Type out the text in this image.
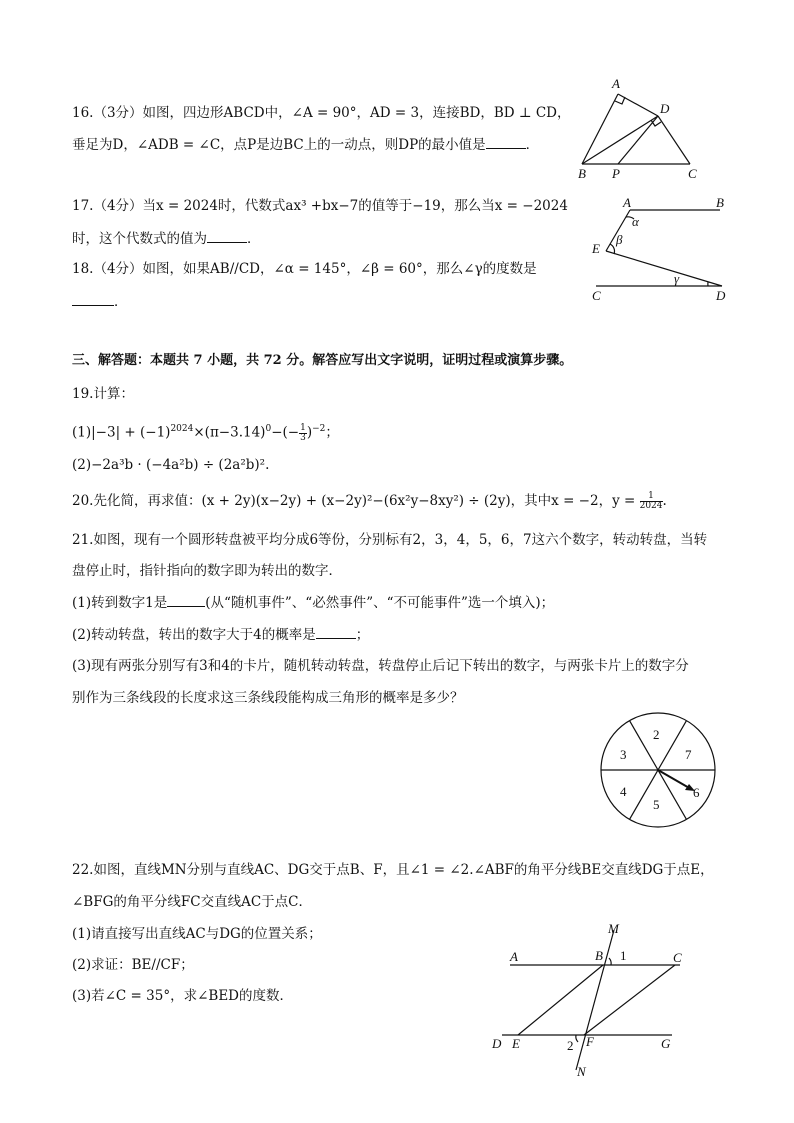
16.（3分）如图，四边形ABCD中，∠A = 90°，AD = 3，连接BD，BD ⊥ CD，
垂足为D，∠ADB = ∠C，点P是边BC上的一动点，则DP的最小值是	．
A
D
B P	C
17.（4分）当x = 2024时，代数式ax³ +bx−7的值等于−19，那么当x = −2024
时，这个代数式的值为	．
18.（4分）如图，如果AB//CD，∠α = 145°，∠β = 60°，那么∠γ的度数是
．
A	B
E
C	D
α
β
γ
三、解答题：本题共 7 小题，共 72 分。解答应写出文字说明，证明过程或演算步骤。
19.计算：
$(1)|-3| + (-1)^{2024}\times(\pi-3.14)^0-(- \frac{1}{3} )^{-2}$；
(2)−2a³b · (−4a²b) ÷ (2a²b)².
20.先化简，再求值：(x + 2y)(x−2y) + (x−2y)²−(6x²y−8xy²) ÷ (2y)，其中x = −2，$y = \frac{1}{2024}$ .
21.如图，现有一个圆形转盘被平均分成6等份，分别标有2，3，4，5，6，7这六个数字，转动转盘，当转
盘停止时，指针指向的数字即为转出的数字．
(1)转到数字1是	(从“随机事件”、“必然事件”、“不可能事件”选一个填入)；
(2)转动转盘，转出的数字大于4的概率是	；
(3)现有两张分别写有3和4的卡片，随机转动转盘，转盘停止后记下转出的数字，与两张卡片上的数字分
别作为三条线段的长度求这三条线段能构成三角形的概率是多少？
2
7
6
5
4
3
22.如图，直线MN分别与直线AC、DG交于点B、F，且∠1 = ∠2.∠ABF的角平分线BE交直线DG于点E，
∠BFG的角平分线FC交直线AC于点C．
(1)请直接写出直线AC与DG的位置关系；
(2)求证：BE//CF；
(3)若∠C = 35°，求∠BED的度数．
M
A	B 1	C
D E	2 F	G
N
